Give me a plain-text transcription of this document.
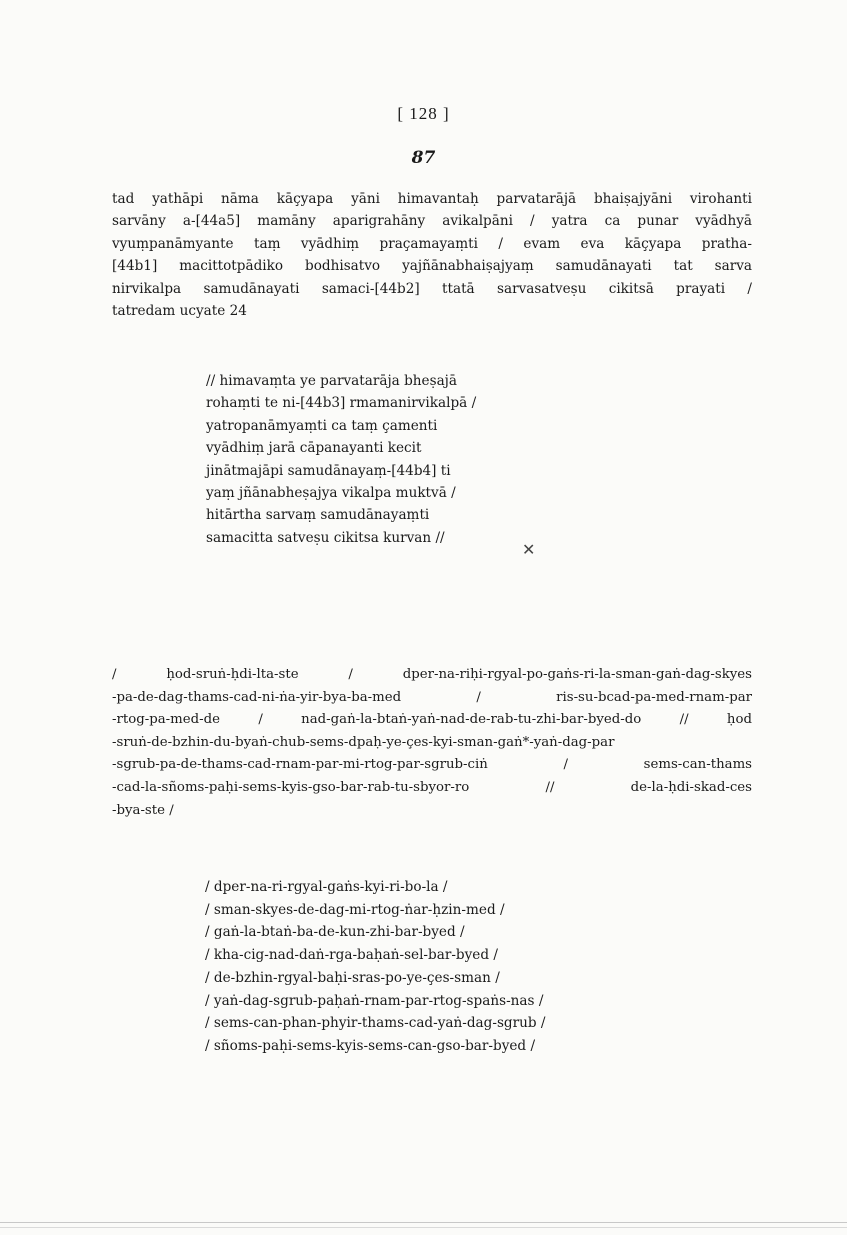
[ 128 ]
87
tad yathāpi nāma kāçyapa yāni himavantaḥ parvatarājā bhaiṣajyāni virohanti
sarvāny a-[44a5] mamāny aparigrahāny avikalpāni / yatra ca punar vyādhyā
vyuṃpanāmyante taṃ vyādhiṃ praçamayaṃti / evam eva kāçyapa pratha-
[44b1] macittotpādiko bodhisatvo yajñānabhaiṣajyaṃ samudānayati tat sarva
nirvikalpa samudānayati samaci-[44b2] ttatā sarvasatveṣu cikitsā prayati /
tatredam ucyate 24
// himavaṃta ye parvatarāja bheṣajā
rohaṃti te ni-[44b3] rmamanirvikalpā /
yatropanāmyaṃti ca taṃ çamenti
vyādhiṃ jarā cāpanayanti kecit
jinātmajāpi samudānayaṃ-[44b4] ti
yaṃ jñānabheṣajya vikalpa muktvā /
hitārtha sarvaṃ samudānayaṃti
samacitta satveṣu cikitsa kurvan //
✕
/ ḥod-sruṅ-ḥdi-lta-ste / dper-na-riḥi-rgyal-po-gaṅs-ri-la-sman-gaṅ-dag-skyes
-pa-de-dag-thams-cad-ni-ṅa-yir-bya-ba-med / ris-su-bcad-pa-med-rnam-par
-rtog-pa-med-de / nad-gaṅ-la-btaṅ-yaṅ-nad-de-rab-tu-zhi-bar-byed-do // ḥod
-sruṅ-de-bzhin-du-byaṅ-chub-sems-dpaḥ-ye-çes-kyi-sman-gaṅ*-yaṅ-dag-par
-sgrub-pa-de-thams-cad-rnam-par-mi-rtog-par-sgrub-ciṅ / sems-can-thams
-cad-la-sñoms-paḥi-sems-kyis-gso-bar-rab-tu-sbyor-ro // de-la-ḥdi-skad-ces
-bya-ste /
/ dper-na-ri-rgyal-gaṅs-kyi-ri-bo-la /
/ sman-skyes-de-dag-mi-rtog-ṅar-ḥzin-med /
/ gaṅ-la-btaṅ-ba-de-kun-zhi-bar-byed /
/ kha-cig-nad-daṅ-rga-baḥaṅ-sel-bar-byed /
/ de-bzhin-rgyal-baḥi-sras-po-ye-çes-sman /
/ yaṅ-dag-sgrub-paḥaṅ-rnam-par-rtog-spaṅs-nas /
/ sems-can-phan-phyir-thams-cad-yaṅ-dag-sgrub /
/ sñoms-paḥi-sems-kyis-sems-can-gso-bar-byed /
